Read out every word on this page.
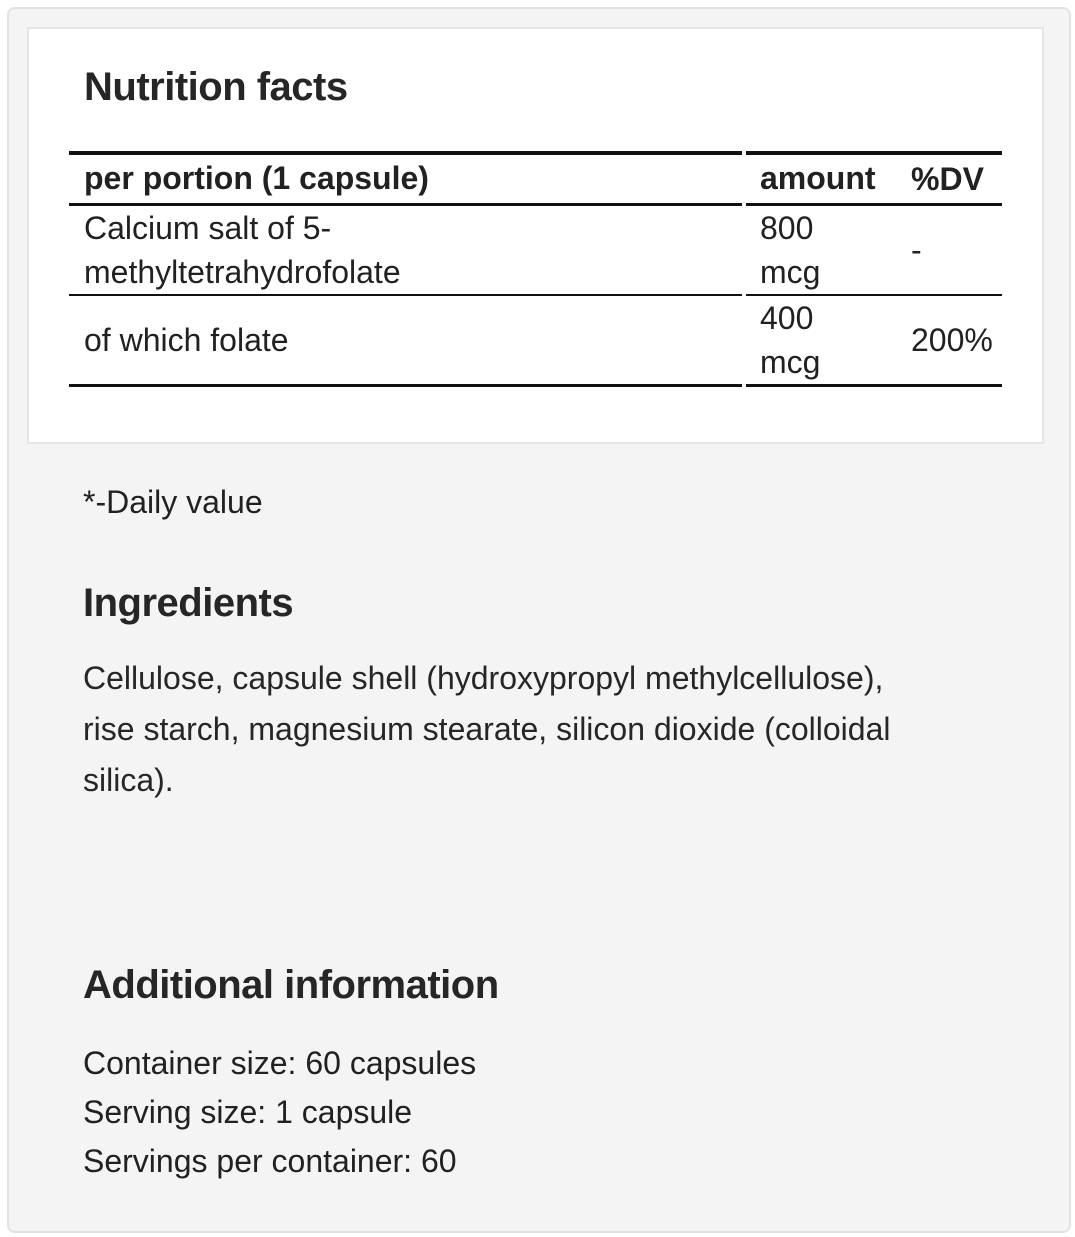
Nutrition facts
per portion (1 capsule)		amount	%DV
Calcium salt of 5-methyltetrahydrofolate		800 mcg	-
of which folate		400 mcg	200%
*-Daily value
Ingredients
Cellulose, capsule shell (hydroxypropyl methylcellulose), rise starch, magnesium stearate, silicon dioxide (colloidal silica).
Additional information
Container size: 60 capsules
Serving size: 1 capsule
Servings per container: 60
